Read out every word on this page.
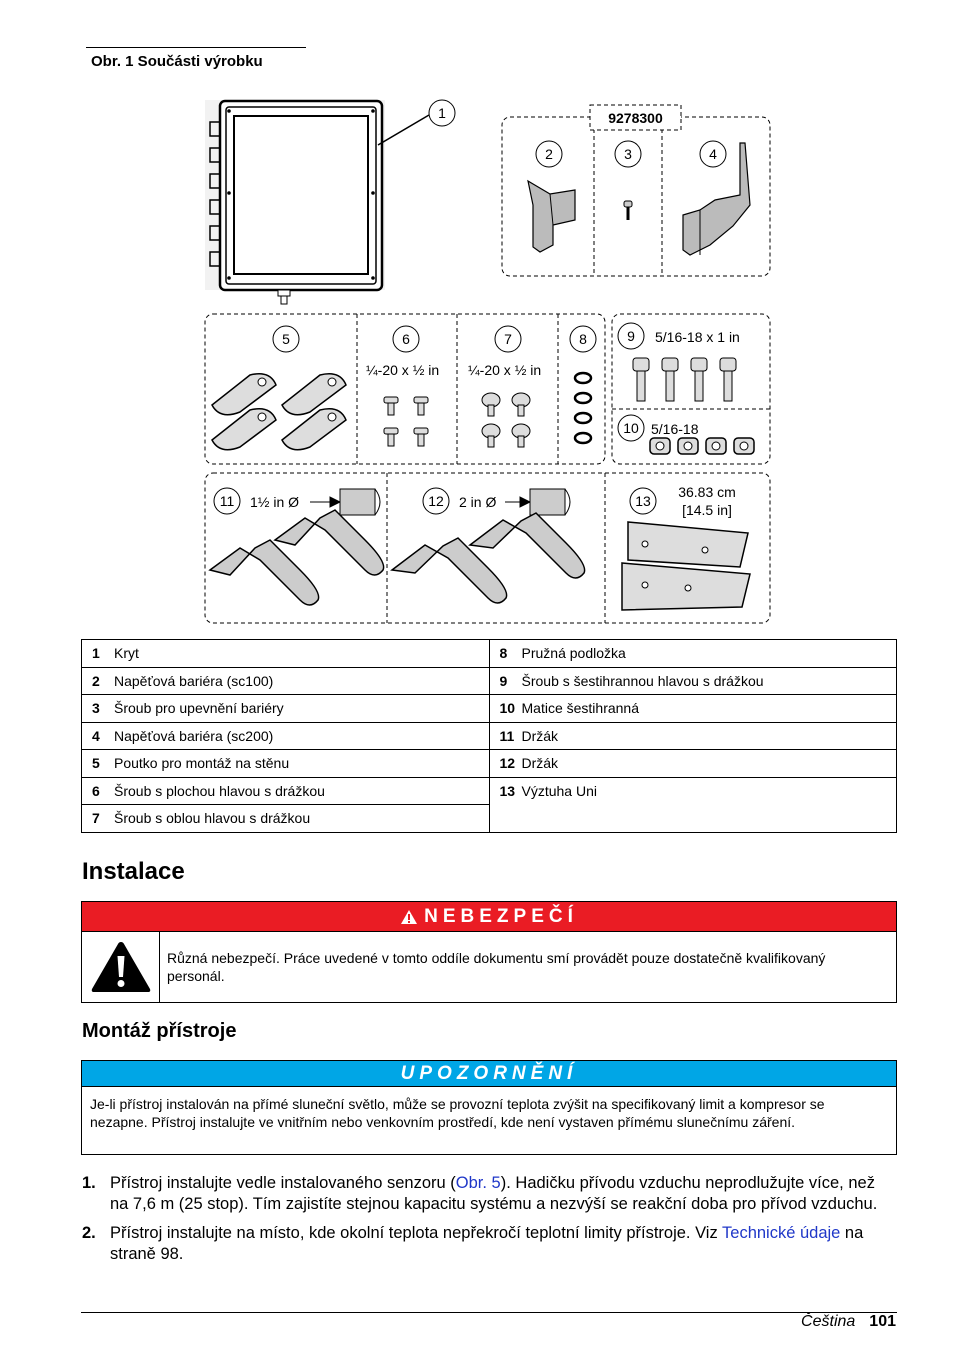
Obr. 1 Součásti výrobku
9278300
1
2	3	4
5	6	7	8	9
10
11	12	13
¼-20 x ½ in ¼-20 x ½ in
5/16-18 x 1 in
5/16-18
1½ in Ø	2 in Ø
36.83 cm
[14.5 in]
1 Kryt	8 Pružná podložka
2 Napěťová bariéra (sc100)	9 Šroub s šestihrannou hlavou s drážkou
3 Šroub pro upevnění bariéry	10 Matice šestihranná
4 Napěťová bariéra (sc200)	11 Držák
5 Poutko pro montáž na stěnu	12 Držák
6 Šroub s plochou hlavou s drážkou	13 Výztuha Uni
7 Šroub s oblou hlavou s drážkou	
Instalace
NEBEZPEČÍ
Různá nebezpečí. Práce uvedené v tomto oddíle dokumentu smí provádět pouze dostatečně kvalifikovaný personál.
Montáž přístroje
UPOZORNĚNÍ
Je-li přístroj instalován na přímé sluneční světlo, může se provozní teplota zvýšit na specifikovaný limit a kompresor se nezapne. Přístroj instalujte ve vnitřním nebo venkovním prostředí, kde není vystaven přímému slunečnímu záření.
1. Přístroj instalujte vedle instalovaného senzoru (Obr. 5). Hadičku přívodu vzduchu neprodlužujte více, než na 7,6 m (25 stop). Tím zajistíte stejnou kapacitu systému a nezvýší se reakční doba pro přívod vzduchu.
2. Přístroj instalujte na místo, kde okolní teplota nepřekročí teplotní limity přístroje. Viz Technické údaje na straně 98.
Čeština 101
